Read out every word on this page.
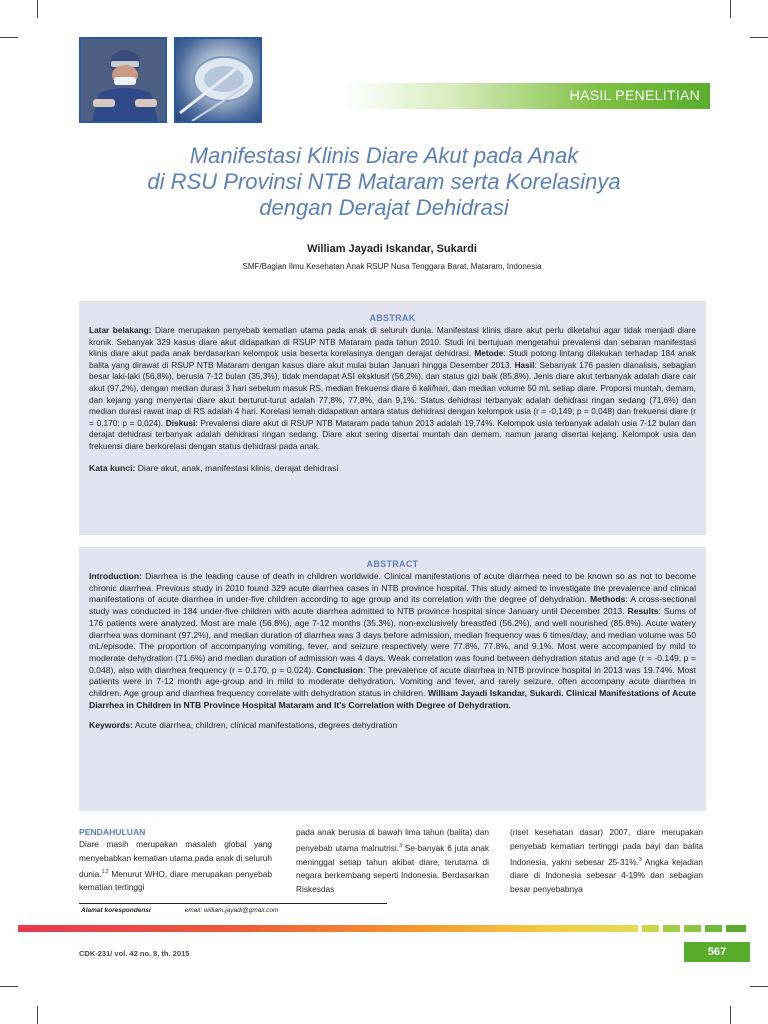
HASIL PENELITIAN
Manifestasi Klinis Diare Akut pada Anak
di RSU Provinsi NTB Mataram serta Korelasinya
dengan Derajat Dehidrasi
William Jayadi Iskandar, Sukardi
SMF/Bagian Ilmu Kesehatan Anak RSUP Nusa Tenggara Barat, Mataram, Indonesia
ABSTRAK
Latar belakang: Diare merupakan penyebab kematian utama pada anak di seluruh dunia. Manifestasi klinis diare akut perlu diketahui agar tidak menjadi diare kronik. Sebanyak 329 kasus diare akut didapatkan di RSUP NTB Mataram pada tahun 2010. Studi ini bertujuan mengetahui prevalensi dan sebaran manifestasi klinis diare akut pada anak berdasarkan kelompok usia beserta korelasinya dengan derajat dehidrasi. Metode: Studi potong lintang dilakukan terhadap 184 anak balita yang dirawat di RSUP NTB Mataram dengan kasus diare akut mulai bulan Januari hingga Desember 2013. Hasil: Sebanyak 176 pasien dianalisis, sebagian besar laki-laki (56,8%), berusia 7-12 bulan (35,3%), tidak mendapat ASI eksklusif (56,2%), dan status gizi baik (85,8%). Jenis diare akut terbanyak adalah diare cair akut (97,2%), dengan median durasi 3 hari sebelum masuk RS, median frekuensi diare 6 kali/hari, dan median volume 50 mL setiap diare. Proporsi muntah, demam, dan kejang yang menyertai diare akut berturut-turut adalah 77,8%, 77,8%, dan 9,1%. Status dehidrasi terbanyak adalah dehidrasi ringan sedang (71,6%) dan median durasi rawat inap di RS adalah 4 hari. Korelasi lemah didapatkan antara status dehidrasi dengan kelompok usia (r = -0,149; p = 0,048) dan frekuensi diare (r = 0,170; p = 0,024). Diskusi: Prevalensi diare akut di RSUP NTB Mataram pada tahun 2013 adalah 19,74%. Kelompok usia terbanyak adalah usia 7-12 bulan dan derajat dehidrasi terbanyak adalah dehidrasi ringan sedang. Diare akut sering disertai muntah dan demam, namun jarang disertai kejang. Kelompok usia dan frekuensi diare berkorelasi dengan status dehidrasi pada anak.
Kata kunci: Diare akut, anak, manifestasi klinis, derajat dehidrasi
ABSTRACT
Introduction: Diarrhea is the leading cause of death in children worldwide. Clinical manifestations of acute diarrhea need to be known so as not to become chronic diarrhea. Previous study in 2010 found 329 acute diarrhea cases in NTB province hospital. This study aimed to investigate the prevalence and clinical manifestations of acute diarrhea in under-five children according to age group and its correlation with the degree of dehydration. Methods: A cross-sectional study was conducted in 184 under-five children with acute diarrhea admitted to NTB province hospital since January until December 2013. Results: Sums of 176 patients were analyzed. Most are male (56.8%), age 7-12 months (35.3%), non-exclusively breastfed (56.2%), and well nourished (85.8%). Acute watery diarrhea was dominant (97.2%), and median duration of diarrhea was 3 days before admission, median frequency was 6 times/day, and median volume was 50 mL/episode. The proportion of accompanying vomiting, fever, and seizure respectively were 77.8%, 77.8%, and 9.1%. Most were accompanied by mild to moderate dehydration (71.6%) and median duration of admission was 4 days. Weak correlation was found between dehydration status and age (r = -0.149, p = 0.048), also with diarrhea frequency (r = 0.170, p = 0.024). Conclusion: The prevalence of acute diarrhea in NTB province hospital in 2013 was 19.74%. Most patients were in 7-12 month age-group and in mild to moderate dehydration. Vomiting and fever, and rarely seizure, often accompany acute diarrhea in children. Age group and diarrhea frequency correlate with dehydration status in children. William Jayadi Iskandar, Sukardi. Clinical Manifestations of Acute Diarrhea in Children in NTB Province Hospital Mataram and It's Correlation with Degree of Dehydration.
Keywords: Acute diarrhea, children, clinical manifestations, degrees dehydration
PENDAHULUAN
Diare masih merupakan masalah global yang menyebabkan kematian utama pada anak di seluruh dunia.$^{1,2}$ Menurut WHO, diare merupakan penyebab kematian tertinggi
pada anak berusia di bawah lima tahun (balita) dan penyebab utama malnutrisi.$^3$ Se-banyak 6 juta anak meninggal setiap tahun akibat diare, terutama di negara berkembang seperti Indonesia. Berdasarkan Riskesdas
(riset kesehatan dasar) 2007, diare merupakan penyebab kematian tertinggi pada bayi dan balita Indonesia, yakni sebesar 25-31%.$^3$ Angka kejadian diare di Indonesia sebesar 4-19% dan sebagian besar penyebabnya
Alamat korespondensi	email: william.jayadi@gmail.com
CDK-231/ vol. 42 no. 8, th. 2015	567
